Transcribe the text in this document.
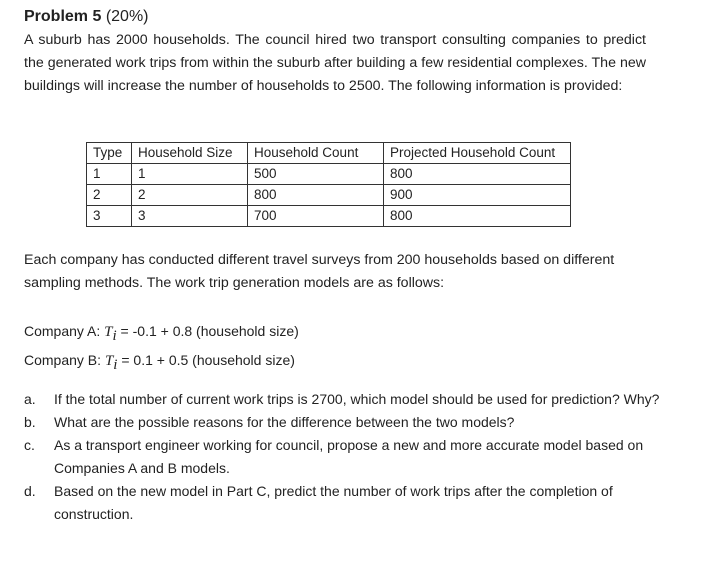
Problem 5 (20%)

A suburb has 2000 households. The council hired two transport consulting companies to predict the generated work trips from within the suburb after building a few residential complexes. The new buildings will increase the number of households to 2500. The following information is provided:

Type	Household Size	Household Count	Projected Household Count
1	1	500	800
2	2	800	900
3	3	700	800

Each company has conducted different travel surveys from 200 households based on different sampling methods. The work trip generation models are as follows:

Company A: $T_i = -0.1 + 0.8$ (household size)
Company B: $T_i = 0.1 + 0.5$ (household size)
a.	If the total number of current work trips is 2700, which model should be used for prediction? Why?
b.	What are the possible reasons for the difference between the two models?
c.	As a transport engineer working for council, propose a new and more accurate model based on Companies A and B models.
d.	Based on the new model in Part C, predict the number of work trips after the completion of construction.
